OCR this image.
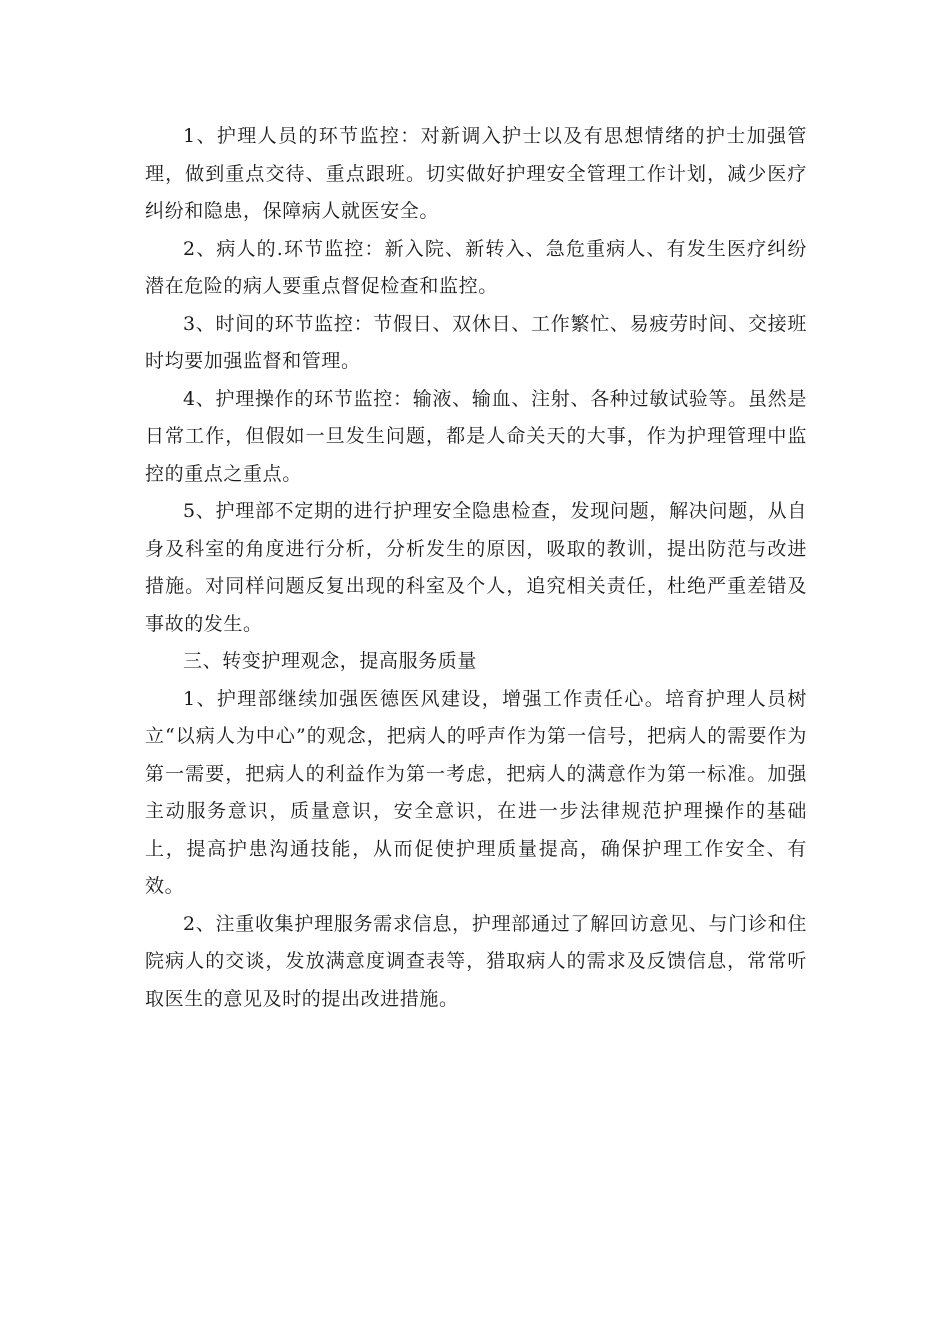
1、护理人员的环节监控：对新调入护士以及有思想情绪的护士加强管理，做到重点交待、重点跟班。切实做好护理安全管理工作计划，减少医疗纠纷和隐患，保障病人就医安全。

2、病人的.环节监控：新入院、新转入、急危重病人、有发生医疗纠纷潜在危险的病人要重点督促检查和监控。

3、时间的环节监控：节假日、双休日、工作繁忙、易疲劳时间、交接班时均要加强监督和管理。

4、护理操作的环节监控：输液、输血、注射、各种过敏试验等。虽然是日常工作，但假如一旦发生问题，都是人命关天的大事，作为护理管理中监控的重点之重点。

5、护理部不定期的进行护理安全隐患检查，发现问题，解决问题，从自身及科室的角度进行分析，分析发生的原因，吸取的教训，提出防范与改进措施。对同样问题反复出现的科室及个人，追究相关责任，杜绝严重差错及事故的发生。

三、转变护理观念，提高服务质量

1、护理部继续加强医德医风建设，增强工作责任心。培育护理人员树立“以病人为中心”的观念，把病人的呼声作为第一信号，把病人的需要作为第一需要，把病人的利益作为第一考虑，把病人的满意作为第一标准。加强主动服务意识，质量意识，安全意识，在进一步法律规范护理操作的基础上，提高护患沟通技能，从而促使护理质量提高，确保护理工作安全、有效。

2、注重收集护理服务需求信息，护理部通过了解回访意见、与门诊和住院病人的交谈，发放满意度调查表等，猎取病人的需求及反馈信息，常常听取医生的意见及时的提出改进措施。
